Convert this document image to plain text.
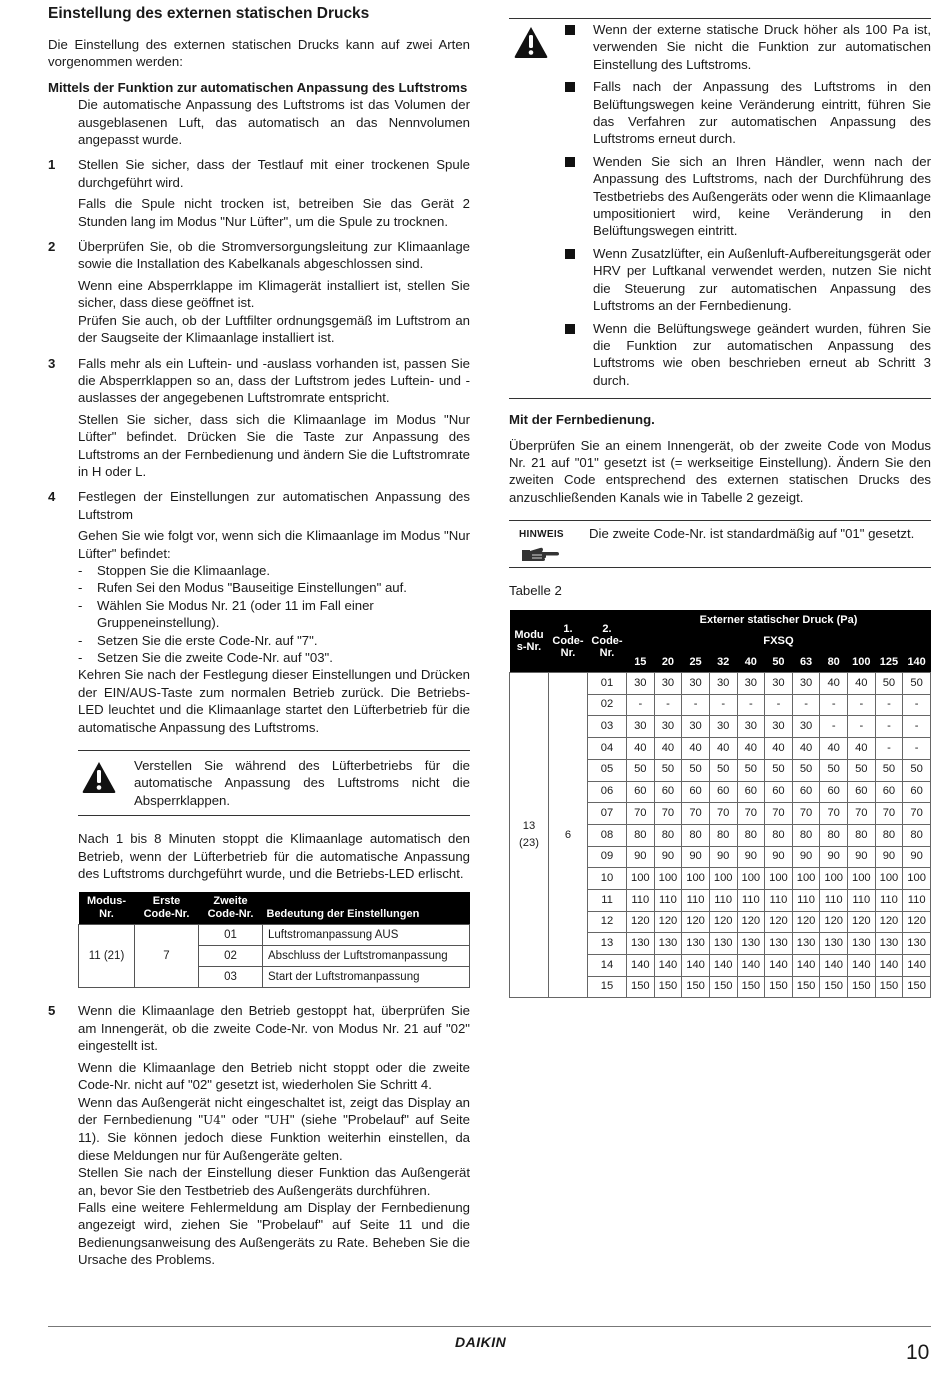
Einstellung des externen statischen Drucks

Die Einstellung des externen statischen Drucks kann auf zwei Arten vorgenommen werden:

Mittels der Funktion zur automatischen Anpassung des Luftstroms

Die automatische Anpassung des Luftstroms ist das Volumen der ausgeblasenen Luft, das automatisch an das Nennvolumen angepasst wurde.

1 Stellen Sie sicher, dass der Testlauf mit einer trockenen Spule durchgeführt wird.

Falls die Spule nicht trocken ist, betreiben Sie das Gerät 2 Stunden lang im Modus "Nur Lüfter", um die Spule zu trocknen.

2 Überprüfen Sie, ob die Stromversorgungsleitung zur Klimaanlage sowie die Installation des Kabelkanals abgeschlossen sind.

Wenn eine Absperrklappe im Klimagerät installiert ist, stellen Sie sicher, dass diese geöffnet ist.

Prüfen Sie auch, ob der Luftfilter ordnungsgemäß im Luftstrom an der Saugseite der Klimaanlage installiert ist.

3 Falls mehr als ein Luftein- und -auslass vorhanden ist, passen Sie die Absperrklappen so an, dass der Luftstrom jedes Luftein- und -auslasses der angegebenen Luftstromrate entspricht.

Stellen Sie sicher, dass sich die Klimaanlage im Modus "Nur Lüfter" befindet. Drücken Sie die Taste zur Anpassung des Luftstroms an der Fernbedienung und ändern Sie die Luftstromrate in H oder L.

4 Festlegen der Einstellungen zur automatischen Anpassung des Luftstrom

Gehen Sie wie folgt vor, wenn sich die Klimaanlage im Modus "Nur Lüfter" befindet:

- Stoppen Sie die Klimaanlage.
- Rufen Sei den Modus "Bauseitige Einstellungen" auf.
- Wählen Sie Modus Nr. 21 (oder 11 im Fall einer Gruppeneinstellung).
- Setzen Sie die erste Code-Nr. auf "7".
- Setzen Sie die zweite Code-Nr. auf "03".

Kehren Sie nach der Festlegung dieser Einstellungen und Drücken der EIN/AUS-Taste zum normalen Betrieb zurück. Die Betriebs-LED leuchtet und die Klimaanlage startet den Lüfterbetrieb für die automatische Anpassung des Luftstroms.

Verstellen Sie während des Lüfterbetriebs für die automatische Anpassung des Luftstroms nicht die Absperrklappen.

Nach 1 bis 8 Minuten stoppt die Klimaanlage automatisch den Betrieb, wenn der Lüfterbetrieb für die automatische Anpassung des Luftstroms durchgeführt wurde, und die Betriebs-LED erlischt.

Modus-Nr.	Erste Code-Nr.	Zweite Code-Nr.	Bedeutung der Einstellungen
11 (21)	7	01	Luftstromanpassung AUS
		02	Abschluss der Luftstromanpassung
		03	Start der Luftstromanpassung
5 Wenn die Klimaanlage den Betrieb gestoppt hat, überprüfen Sie am Innengerät, ob die zweite Code-Nr. von Modus Nr. 21 auf "02" eingestellt ist.

Wenn die Klimaanlage den Betrieb nicht stoppt oder die zweite Code-Nr. nicht auf "02" gesetzt ist, wiederholen Sie Schritt 4.

Wenn das Außengerät nicht eingeschaltet ist, zeigt das Display an der Fernbedienung "U4" oder "UH" (siehe "Probelauf" auf Seite 11). Sie können jedoch diese Funktion weiterhin einstellen, da diese Meldungen nur für Außengeräte gelten.

Stellen Sie nach der Einstellung dieser Funktion das Außengerät an, bevor Sie den Testbetrieb des Außengeräts durchführen.

Falls eine weitere Fehlermeldung am Display der Fernbedienung angezeigt wird, ziehen Sie "Probelauf" auf Seite 11 und die Bedienungsanweisung des Außengeräts zu Rate. Beheben Sie die Ursache des Problems.

Wenn der externe statische Druck höher als 100 Pa ist, verwenden Sie nicht die Funktion zur automatischen Einstellung des Luftstroms.
Falls nach der Anpassung des Luftstroms in den Belüftungswegen keine Veränderung eintritt, führen Sie das Verfahren zur automatischen Anpassung des Luftstroms erneut durch.
Wenden Sie sich an Ihren Händler, wenn nach der Anpassung des Luftstroms, nach der Durchführung des Testbetriebs des Außengeräts oder wenn die Klimaanlage umpositioniert wird, keine Veränderung in den Belüftungswegen eintritt.
Wenn Zusatzlüfter, ein Außenluft-Aufbereitungsgerät oder HRV per Luftkanal verwendet werden, nutzen Sie nicht die Steuerung zur automatischen Anpassung des Luftstroms an der Fernbedienung.
Wenn die Belüftungswege geändert wurden, führen Sie die Funktion zur automatischen Anpassung des Luftstroms wie oben beschrieben erneut ab Schritt 3 durch.

Mit der Fernbedienung.

Überprüfen Sie an einem Innengerät, ob der zweite Code von Modus Nr. 21 auf "01" gesetzt ist (= werkseitige Einstellung). Ändern Sie den zweiten Code entsprechend des externen statischen Drucks des anzuschließenden Kanals wie in Tabelle 2 gezeigt.

HINWEIS Die zweite Code-Nr. ist standardmäßig auf "01" gesetzt.

Tabelle 2

Modu s-Nr.	1. Code-Nr.	2. Code-Nr.	Externer statischer Druck (Pa)										
			FXSQ										
			15	20	25	32	40	50	63	80	100	125	140
13 (23)	6	01	30	30	30	30	30	30	30	40	40	50	50
		02	-	-	-	-	-	-	-	-	-	-	-
		03	30	30	30	30	30	30	30	-	-	-	-
		04	40	40	40	40	40	40	40	40	40	-	-
		05	50	50	50	50	50	50	50	50	50	50	50
		06	60	60	60	60	60	60	60	60	60	60	60
		07	70	70	70	70	70	70	70	70	70	70	70
		08	80	80	80	80	80	80	80	80	80	80	80
		09	90	90	90	90	90	90	90	90	90	90	90
		10	100	100	100	100	100	100	100	100	100	100	100
		11	110	110	110	110	110	110	110	110	110	110	110
		12	120	120	120	120	120	120	120	120	120	120	120
		13	130	130	130	130	130	130	130	130	130	130	130
		14	140	140	140	140	140	140	140	140	140	140	140
		15	150	150	150	150	150	150	150	150	150	150	150
DAIKIN	10
